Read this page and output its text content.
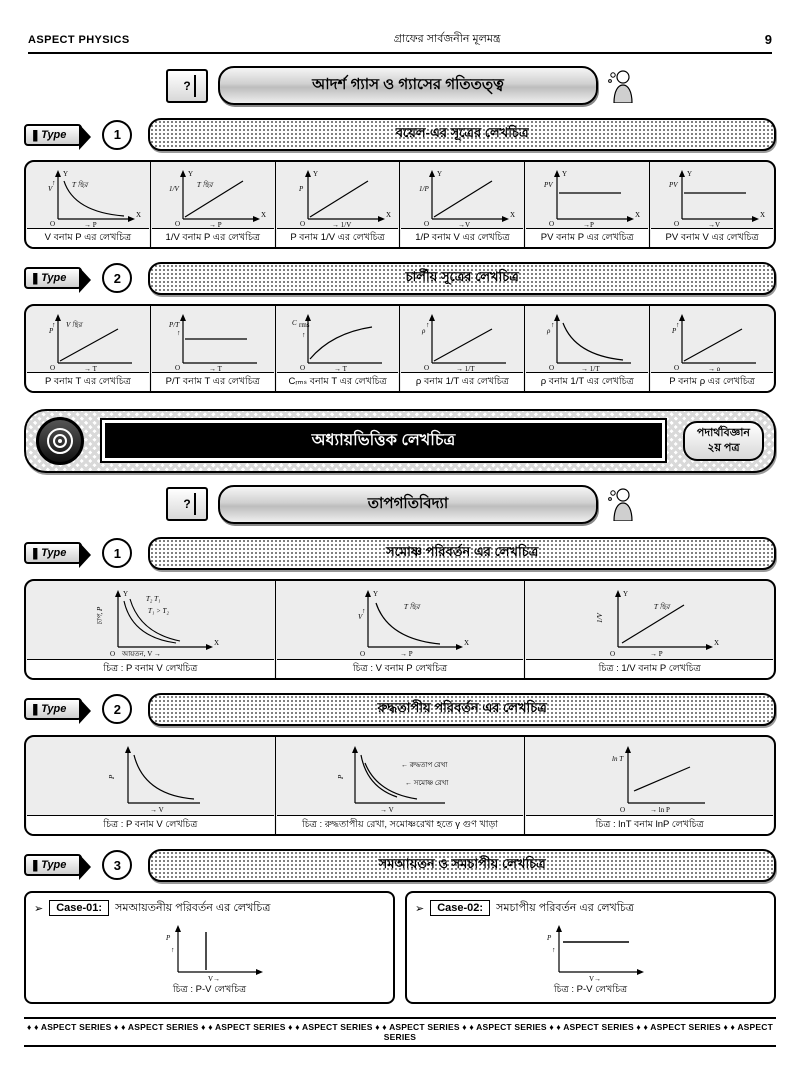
ASPECT PHYSICS	গ্রাফের সার্বজনীন মূলমন্ত্র	9
?	আদর্শ গ্যাস ও গ্যাসের গতিতত্ত্ব
||| Type	1	বয়েল-এর সূত্রের লেখচিত্র
Y
X
V
↑
O	→ P
T ছির
V বনাম P এর লেখচিত্র
Y
X
1/V
O	→ P
T ছির
1/V বনাম P এর লেখচিত্র
Y
X
P
O	→ 1/V
P বনাম 1/V এর লেখচিত্র
Y
X
1/P
O	→V
1/P বনাম V এর লেখচিত্র
Y
X
PV
O	→P
PV বনাম P এর লেখচিত্র
Y
X
PV
O	→V
PV বনাম V এর লেখচিত্র
||| Type	2	চার্লীয় সূত্রের লেখচিত্র
P
↑ V ছির
O	→ T
P বনাম T এর লেখচিত্র
P/T
↑
O	→ T
P/T বনাম T এর লেখচিত্র
C rms
↑
O	→ T
Cᵣₘₛ বনাম T এর লেখচিত্র
ρ
↑
O	→ 1/T
ρ বনাম 1/T এর লেখচিত্র
ρ
↑
O	→ 1/T
ρ বনাম 1/T এর লেখচিত্র
P
↑
O	→ ρ
P বনাম ρ এর লেখচিত্র
অধ্যায়ভিত্তিক লেখচিত্র	পদার্থবিজ্ঞান
২য় পত্র
?	তাপগতিবিদ্যা
||| Type	1	সমোষ্ণ পরিবর্তন এর লেখচিত্র
Y
X
চাপ, P
O আয়তন, V →
T₂ T₁
T₁ > T₂
চিত্র : P বনাম V লেখচিত্র
Y
X
V
↑
O	→ P
T ছির
চিত্র : V বনাম P লেখচিত্র
Y
X
1/V
O	→ P
T ছির
চিত্র : 1/V বনাম P লেখচিত্র
||| Type	2	রুদ্ধতাপীয় পরিবর্তন এর লেখচিত্র
P
→ V
চিত্র : P বনাম V লেখচিত্র
P
→ V
← রুদ্ধতাপ রেখা
← সমোষ্ণ রেখা
চিত্র : রুদ্ধতাপীয় রেখা, সমোষ্ণরেখা হতে γ গুণ খাড়া
ln T
O	→ ln P
চিত্র : lnT বনাম lnP লেখচিত্র
||| Type	3	সমআয়তন ও সমচাপীয় লেখচিত্র
➢	Case-01:	সমআয়তনীয় পরিবর্তন এর লেখচিত্র
P
↑
V→
চিত্র : P-V লেখচিত্র
➢	Case-02:	সমচাপীয় পরিবর্তন এর লেখচিত্র
P
↑
V→
চিত্র : P-V লেখচিত্র
♦ ♦ ASPECT SERIES ♦ ♦ ASPECT SERIES ♦ ♦ ASPECT SERIES ♦ ♦ ASPECT SERIES ♦ ♦ ASPECT SERIES ♦ ♦ ASPECT SERIES ♦ ♦ ASPECT SERIES ♦ ♦ ASPECT SERIES ♦ ♦ ASPECT SERIES
